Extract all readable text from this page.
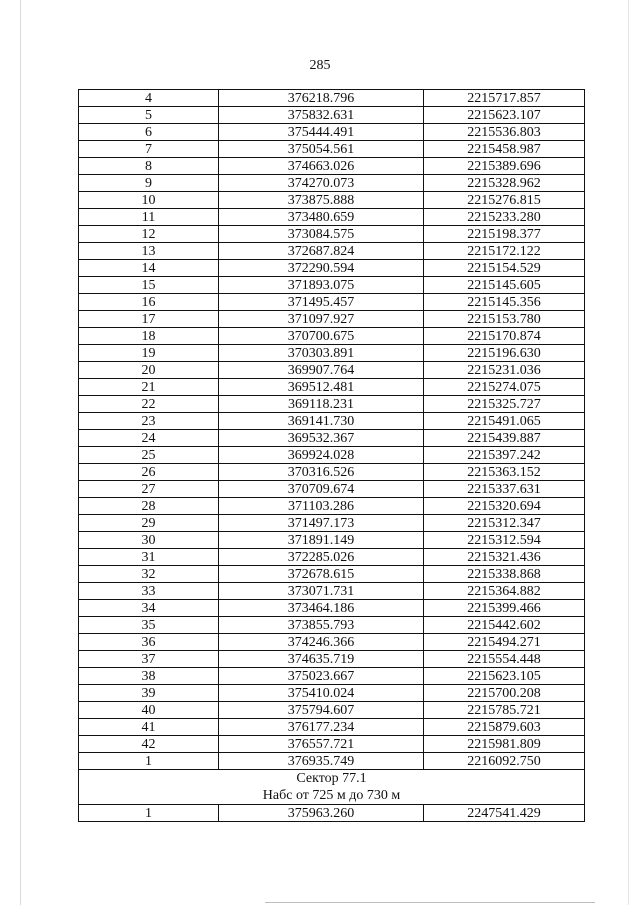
285
4	376218.796	2215717.857
5	375832.631	2215623.107
6	375444.491	2215536.803
7	375054.561	2215458.987
8	374663.026	2215389.696
9	374270.073	2215328.962
10	373875.888	2215276.815
11	373480.659	2215233.280
12	373084.575	2215198.377
13	372687.824	2215172.122
14	372290.594	2215154.529
15	371893.075	2215145.605
16	371495.457	2215145.356
17	371097.927	2215153.780
18	370700.675	2215170.874
19	370303.891	2215196.630
20	369907.764	2215231.036
21	369512.481	2215274.075
22	369118.231	2215325.727
23	369141.730	2215491.065
24	369532.367	2215439.887
25	369924.028	2215397.242
26	370316.526	2215363.152
27	370709.674	2215337.631
28	371103.286	2215320.694
29	371497.173	2215312.347
30	371891.149	2215312.594
31	372285.026	2215321.436
32	372678.615	2215338.868
33	373071.731	2215364.882
34	373464.186	2215399.466
35	373855.793	2215442.602
36	374246.366	2215494.271
37	374635.719	2215554.448
38	375023.667	2215623.105
39	375410.024	2215700.208
40	375794.607	2215785.721
41	376177.234	2215879.603
42	376557.721	2215981.809
1	376935.749	2216092.750
Сектор 77.1		
Набс от 725 м до 730 м		
1	375963.260	2247541.429
